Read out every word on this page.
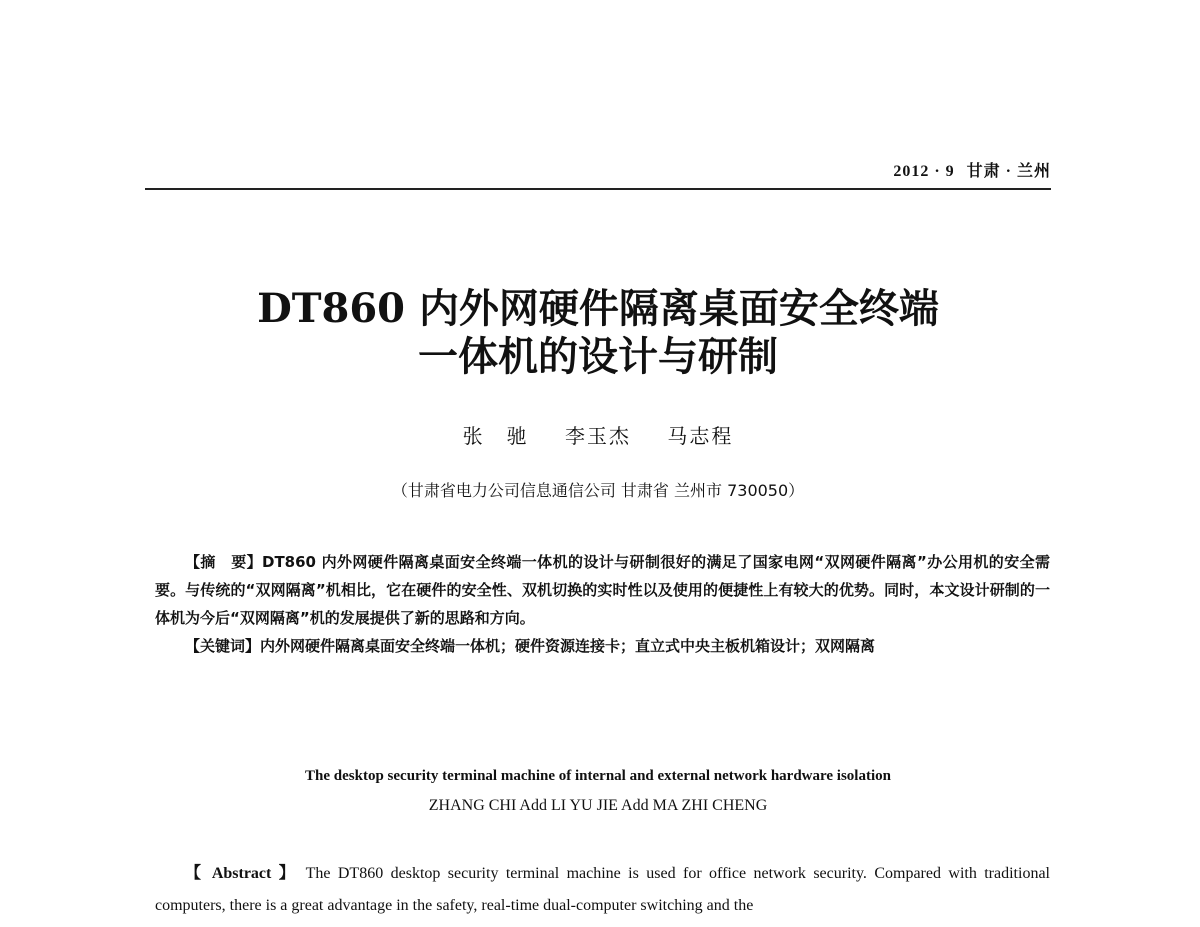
2012 · 9 甘肃 · 兰州
DT860 内外网硬件隔离桌面安全终端
一体机的设计与研制
张　驰 李玉杰 马志程
（甘肃省电力公司信息通信公司 甘肃省 兰州市 730050）

【摘　要】DT860 内外网硬件隔离桌面安全终端一体机的设计与研制很好的满足了国家电网“双网硬件隔离”办公用机的安全需要。与传统的“双网隔离”机相比，它在硬件的安全性、双机切换的实时性以及使用的便捷性上有较大的优势。同时，本文设计研制的一体机为今后“双网隔离”机的发展提供了新的思路和方向。

【关键词】内外网硬件隔离桌面安全终端一体机；硬件资源连接卡；直立式中央主板机箱设计；双网隔离

The desktop security terminal machine of internal and external network hardware isolation
ZHANG CHI Add LI YU JIE Add MA ZHI CHENG

【 Abstract 】 The DT860 desktop security terminal machine is used for office network security. Compared with traditional computers, there is a great advantage in the safety, real-time dual-computer switching and the
